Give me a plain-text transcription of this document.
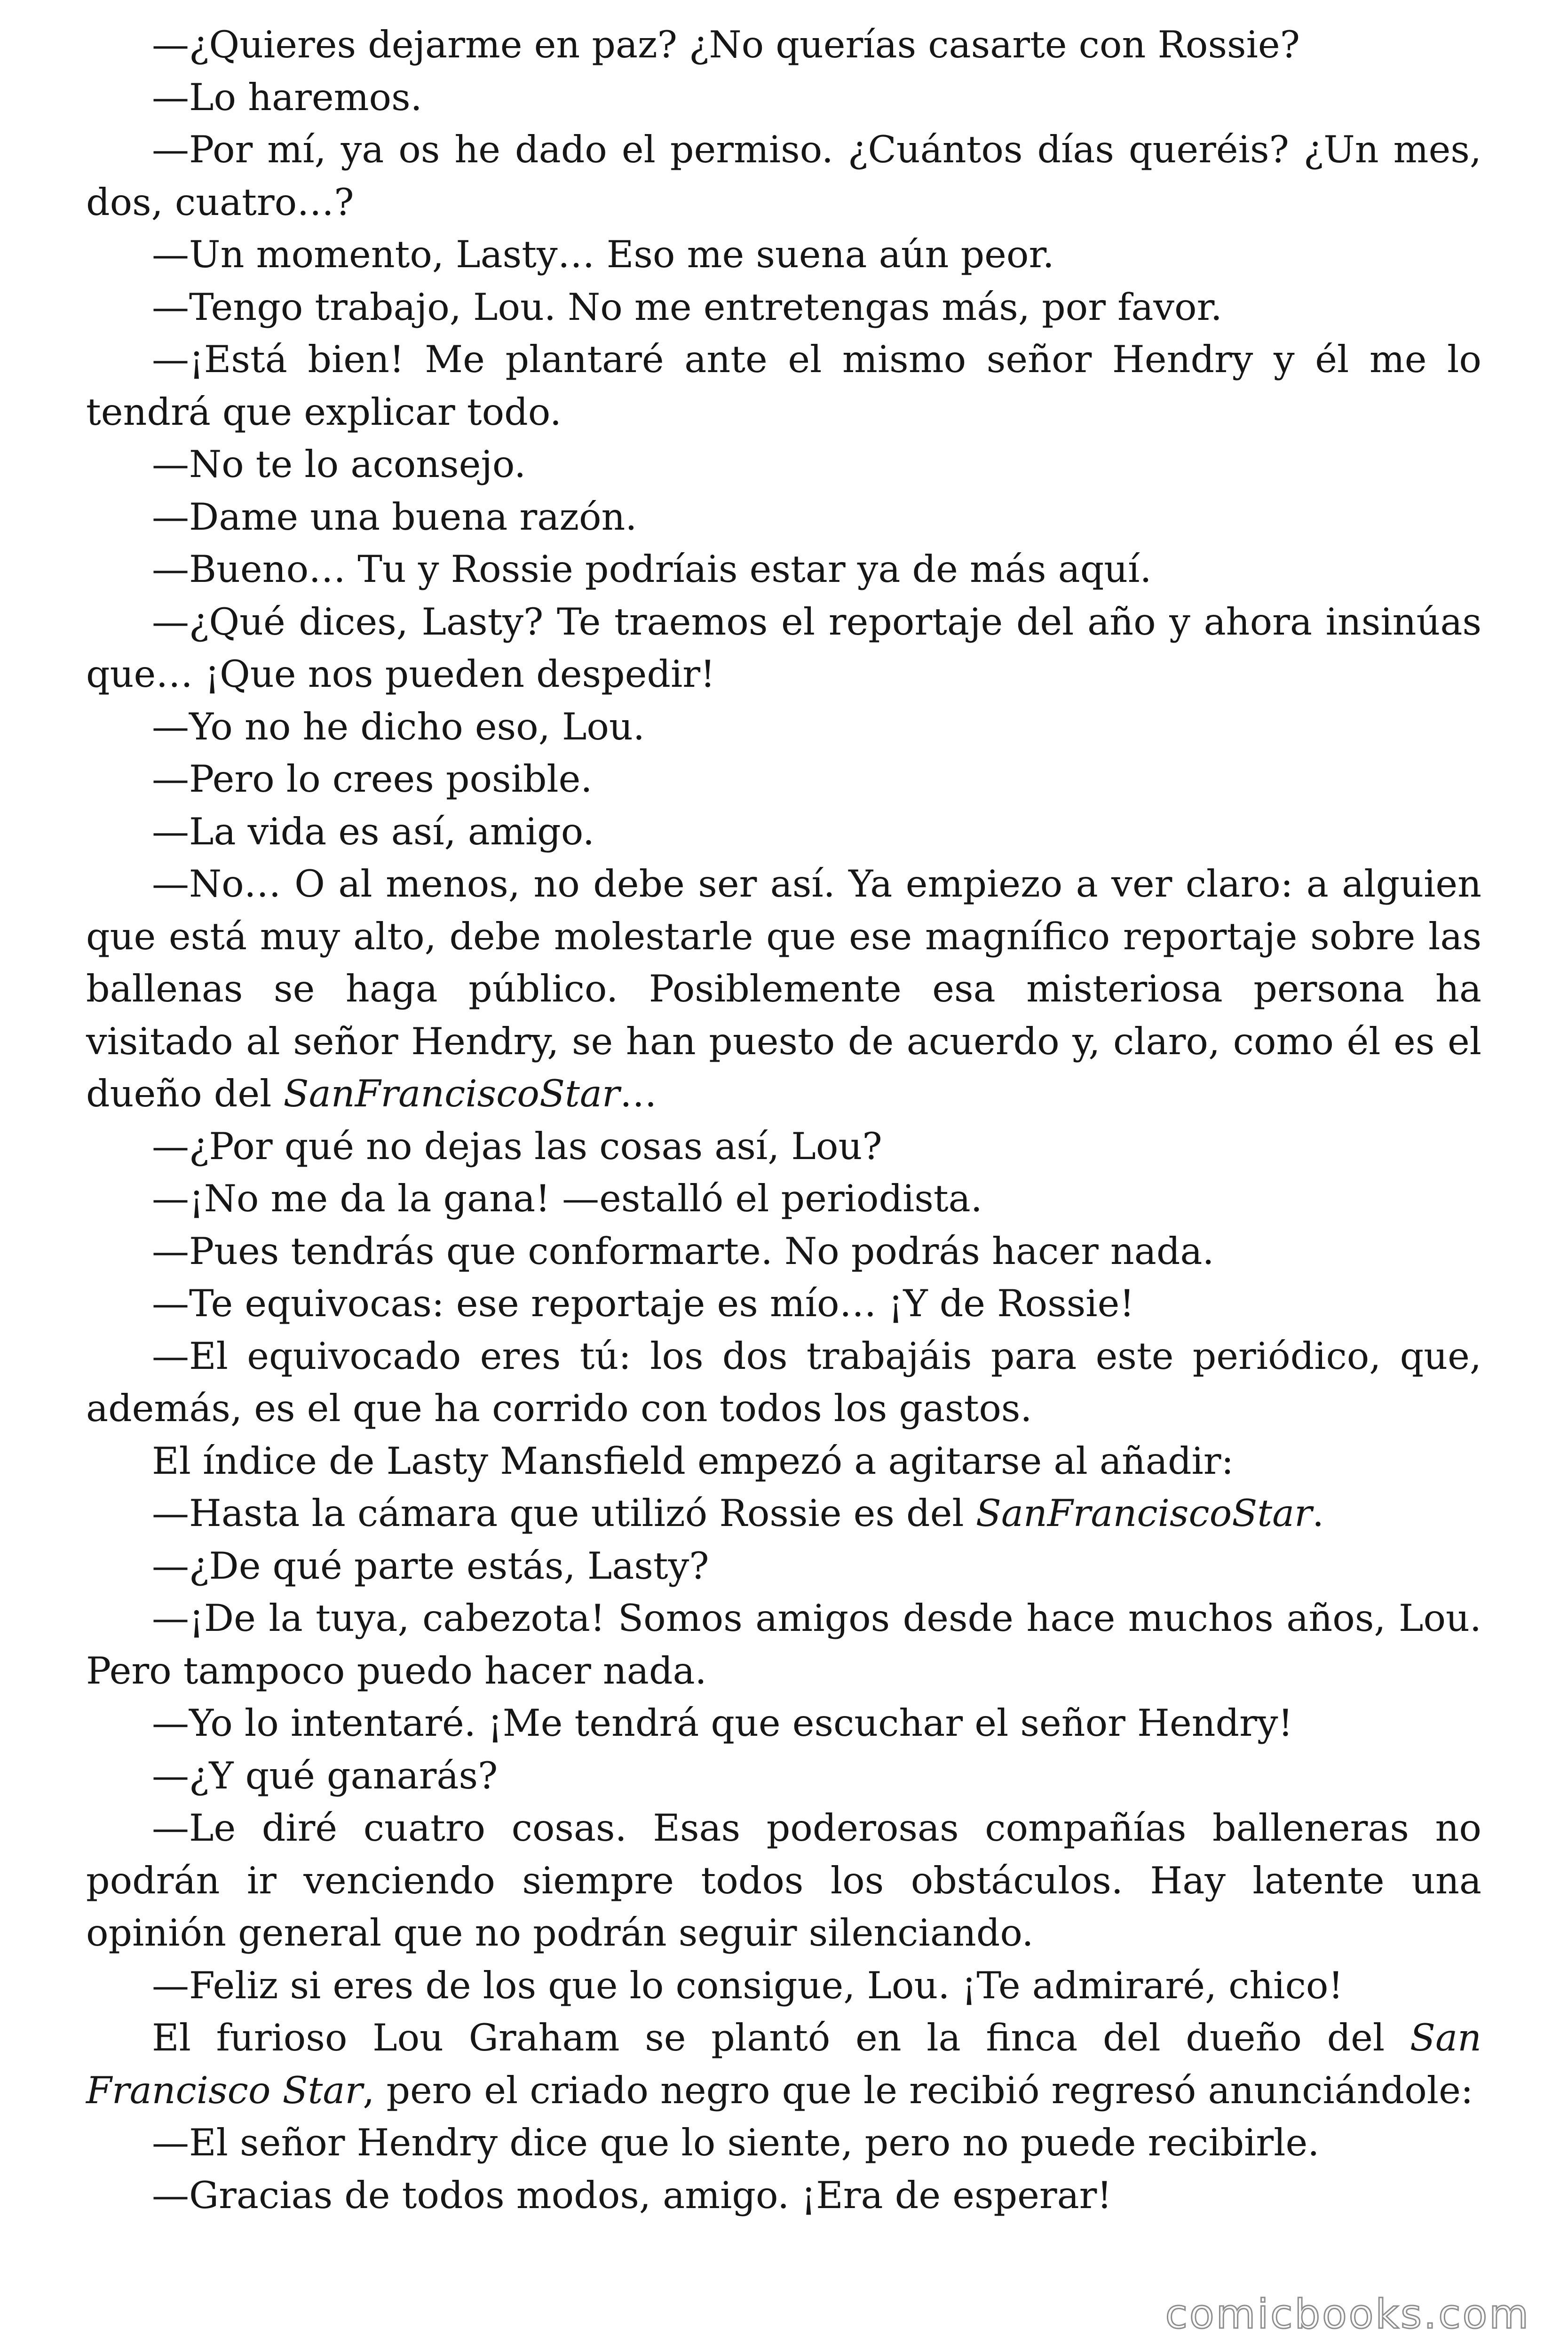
—¿Quieres dejarme en paz? ¿No querías casarte con Rossie?

—Lo haremos.

—Por mí, ya os he dado el permiso. ¿Cuántos días queréis? ¿Un mes, dos, cuatro…?

—Un momento, Lasty… Eso me suena aún peor.

—Tengo trabajo, Lou. No me entretengas más, por favor.

—¡Está bien! Me plantaré ante el mismo señor Hendry y él me lo tendrá que explicar todo.

—No te lo aconsejo.

—Dame una buena razón.

—Bueno… Tu y Rossie podríais estar ya de más aquí.

—¿Qué dices, Lasty? Te traemos el reportaje del año y ahora insinúas que… ¡Que nos pueden despedir!

—Yo no he dicho eso, Lou.

—Pero lo crees posible.

—La vida es así, amigo.

—No… O al menos, no debe ser así. Ya empiezo a ver claro: a alguien que está muy alto, debe molestarle que ese magnífico reportaje sobre las ballenas se haga público. Posiblemente esa misteriosa persona ha visitado al señor Hendry, se han puesto de acuerdo y, claro, como él es el dueño del SanFranciscoStar…

—¿Por qué no dejas las cosas así, Lou?

—¡No me da la gana! —estalló el periodista.

—Pues tendrás que conformarte. No podrás hacer nada.

—Te equivocas: ese reportaje es mío… ¡Y de Rossie!

—El equivocado eres tú: los dos trabajáis para este periódico, que, además, es el que ha corrido con todos los gastos.

El índice de Lasty Mansfield empezó a agitarse al añadir:

—Hasta la cámara que utilizó Rossie es del SanFranciscoStar.

—¿De qué parte estás, Lasty?

—¡De la tuya, cabezota! Somos amigos desde hace muchos años, Lou. Pero tampoco puedo hacer nada.

—Yo lo intentaré. ¡Me tendrá que escuchar el señor Hendry!

—¿Y qué ganarás?

—Le diré cuatro cosas. Esas poderosas compañías balleneras no podrán ir venciendo siempre todos los obstáculos. Hay latente una opinión general que no podrán seguir silenciando.

—Feliz si eres de los que lo consigue, Lou. ¡Te admiraré, chico!

El furioso Lou Graham se plantó en la finca del dueño del San Francisco Star, pero el criado negro que le recibió regresó anunciándole:

—El señor Hendry dice que lo siente, pero no puede recibirle.

—Gracias de todos modos, amigo. ¡Era de esperar!

comicbooks.com
